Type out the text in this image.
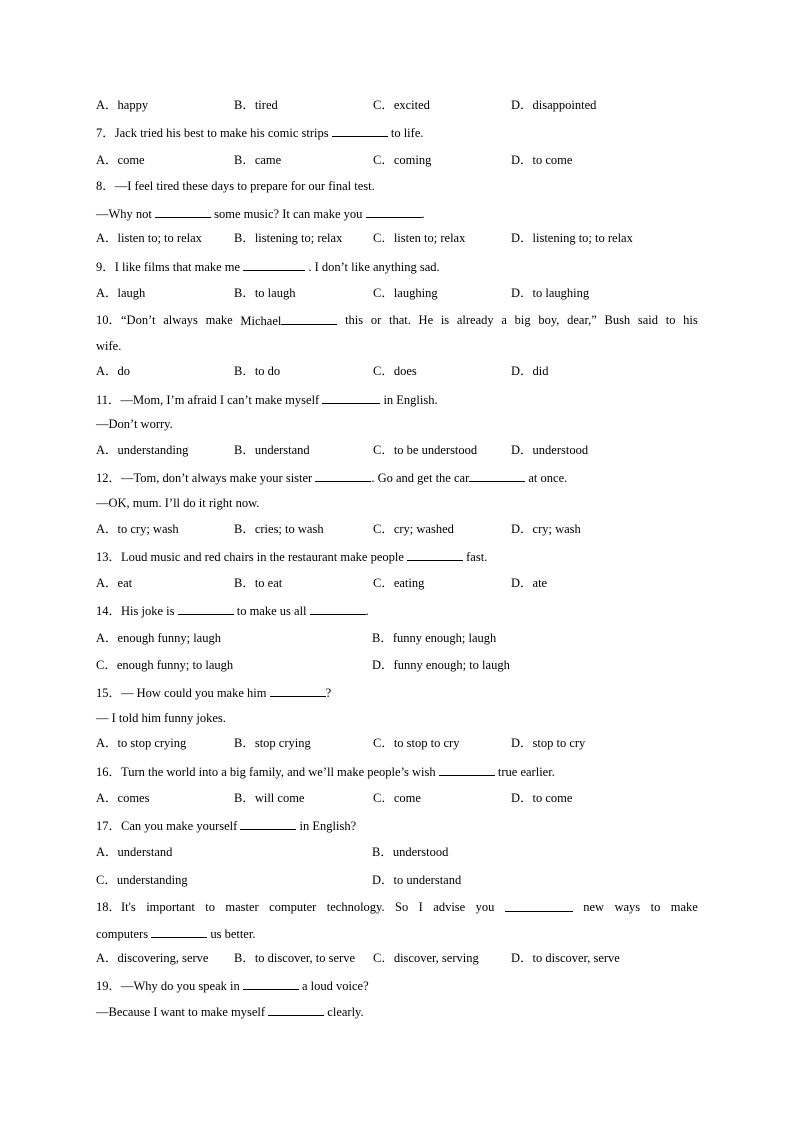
A．happy	B．tired	C．excited	D．disappointed
7．Jack tried his best to make his comic strips	to life.
A．come	B．came	C．coming	D．to come
8．—I feel tired these days to prepare for our final test.
—Why not	some music? It can make you	.
A．listen to; to relax	B．listening to; relax C．listen to; relax	D．listening to; to relax
9．I like films that make me	. I don’t like anything sad.
A．laugh	B．to laugh	C．laughing	D．to laughing
10．“Don’t always make Michael	this or that. He is already a big boy, dear,” Bush said to his
wife.
A．do	B．to do	C．does	D．did
11．—Mom, I’m afraid I can’t make myself	in English.
—Don’t worry.
A．understanding	B．understand	C．to be understood	D．understood
12．—Tom, don’t always make your sister	. Go and get the car	at once.
—OK, mum. I’ll do it right now.
A．to cry; wash	B．cries; to wash	C．cry; washed	D．cry; wash
13．Loud music and red chairs in the restaurant make people	fast.
A．eat	B．to eat	C．eating	D．ate
14．His joke is	to make us all	.
A．enough funny; laugh	B．funny enough; laugh
C．enough funny; to laugh	D．funny enough; to laugh
15．— How could you make him	?
— I told him funny jokes.
A．to stop crying	B．stop crying	C．to stop to cry	D．stop to cry
16．Turn the world into a big family, and we’ll make people’s wish	true earlier.
A．comes	B．will come	C．come	D．to come
17．Can you make yourself	in English?
A．understand	B．understood
C．understanding	D．to understand
18．It's important to master computer technology. So I advise you	new ways to make
computers	us better.
A．discovering, serve B．to discover, to serve C．discover, serving	D．to discover, serve
19．—Why do you speak in	a loud voice?
—Because I want to make myself	clearly.
